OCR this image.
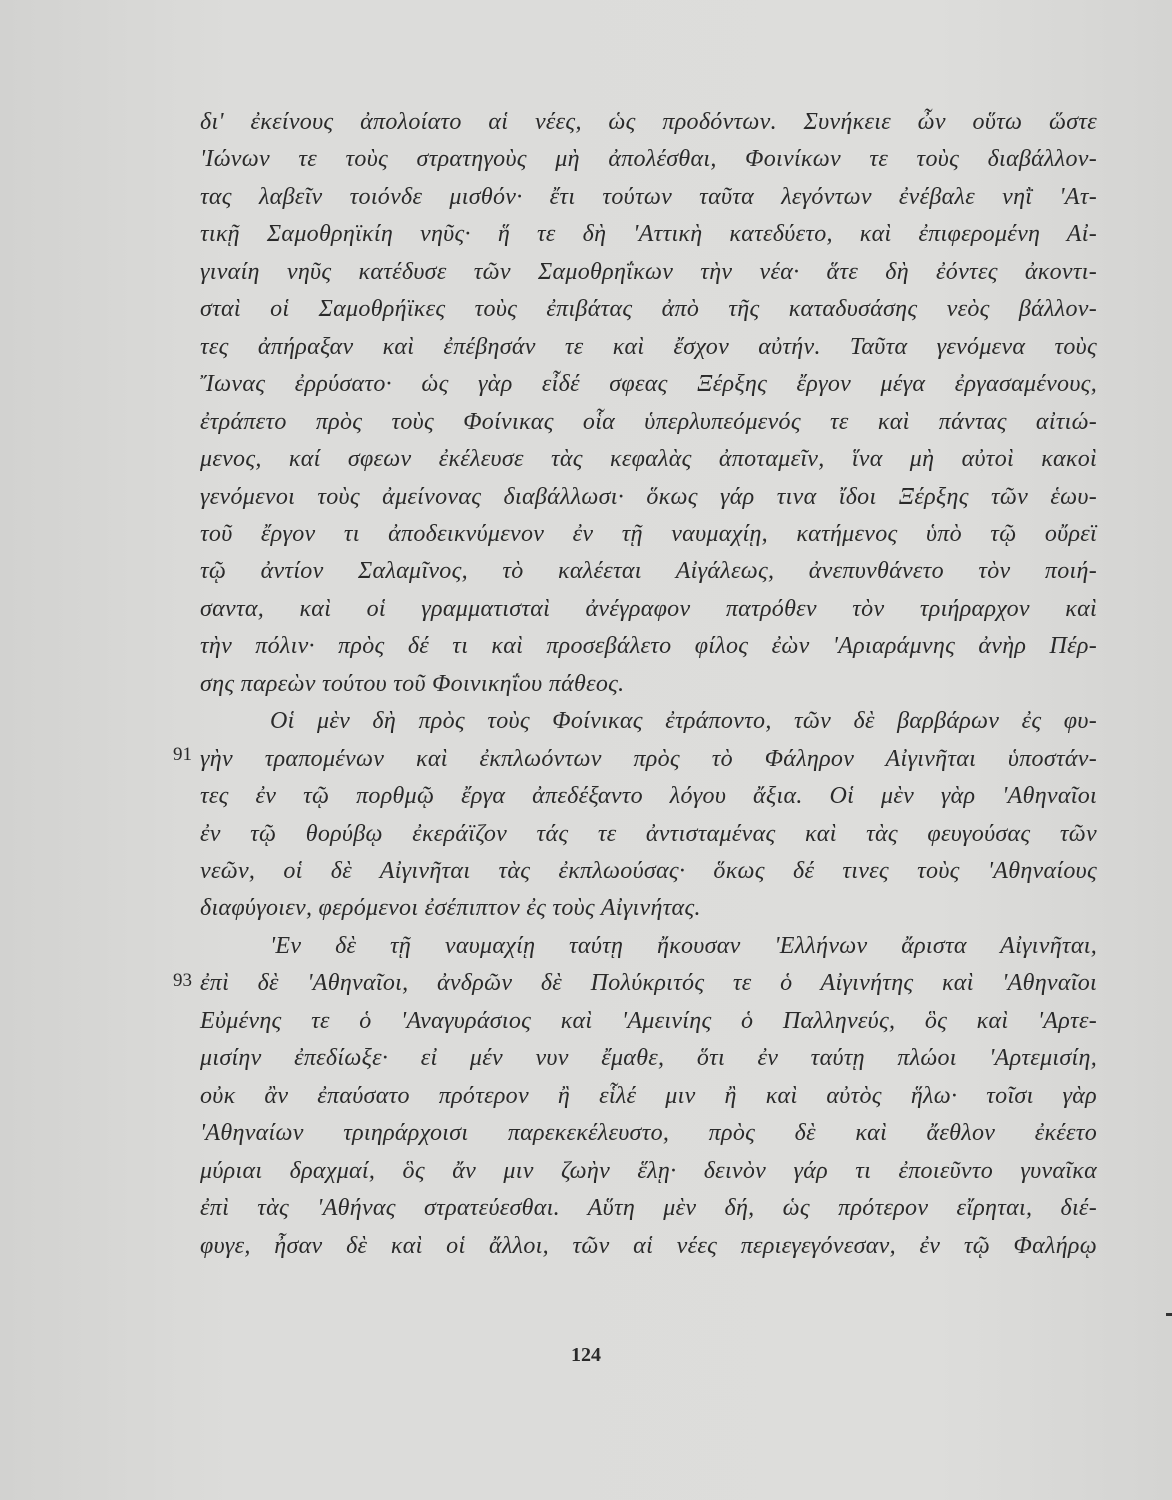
δι' ἐκείνους ἀπολοίατο αἱ νέες, ὡς προδόντων. Συνήκειε ὦν οὕτω ὥστε
'Ιώνων τε τοὺς στρατηγοὺς μὴ ἀπολέσθαι, Φοινίκων τε τοὺς διαβάλλον-
τας λαβεῖν τοιόνδε μισθόν· ἔτι τούτων ταῦτα λεγόντων ἐνέβαλε νηῒ 'Ατ-
τικῇ Σαμοθρηϊκίη νηῦς· ἥ τε δὴ 'Αττικὴ κατεδύετο, καὶ ἐπιφερομένη Αἰ-
γιναίη νηῦς κατέδυσε τῶν Σαμοθρηΐκων τὴν νέα· ἅτε δὴ ἐόντες ἀκοντι-
σταὶ οἱ Σαμοθρήϊκες τοὺς ἐπιβάτας ἀπὸ τῆς καταδυσάσης νεὸς βάλλον-
τες ἀπήραξαν καὶ ἐπέβησάν τε καὶ ἔσχον αὐτήν. Ταῦτα γενόμενα τοὺς
Ἴωνας ἐρρύσατο· ὡς γὰρ εἶδέ σφεας Ξέρξης ἔργον μέγα ἐργασαμένους,
ἐτράπετο πρὸς τοὺς Φοίνικας οἷα ὑπερλυπεόμενός τε καὶ πάντας αἰτιώ-
μενος, καί σφεων ἐκέλευσε τὰς κεφαλὰς ἀποταμεῖν, ἵνα μὴ αὐτοὶ κακοὶ
γενόμενοι τοὺς ἀμείνονας διαβάλλωσι· ὅκως γάρ τινα ἴδοι Ξέρξης τῶν ἑωυ-
τοῦ ἔργον τι ἀποδεικνύμενον ἐν τῇ ναυμαχίῃ, κατήμενος ὑπὸ τῷ οὔρεϊ
τῷ ἀντίον Σαλαμῖνος, τὸ καλέεται Αἰγάλεως, ἀνεπυνθάνετο τὸν ποιή-
σαντα, καὶ οἱ γραμματισταὶ ἀνέγραφον πατρόθεν τὸν τριήραρχον καὶ
τὴν πόλιν· πρὸς δέ τι καὶ προσεβάλετο φίλος ἐὼν 'Αριαράμνης ἀνὴρ Πέρ-
σης παρεὼν τούτου τοῦ Φοινικηΐου πάθεος.
Οἱ μὲν δὴ πρὸς τοὺς Φοίνικας ἐτράποντο, τῶν δὲ βαρβάρων ἐς φυ-
γὴν τραπομένων καὶ ἐκπλωόντων πρὸς τὸ Φάληρον Αἰγινῆται ὑποστάν-
τες ἐν τῷ πορθμῷ ἔργα ἀπεδέξαντο λόγου ἄξια. Οἱ μὲν γὰρ 'Αθηναῖοι
ἐν τῷ θορύβῳ ἐκεράϊζον τάς τε ἀντισταμένας καὶ τὰς φευγούσας τῶν
νεῶν, οἱ δὲ Αἰγινῆται τὰς ἐκπλωούσας· ὅκως δέ τινες τοὺς 'Αθηναίους
διαφύγοιεν, φερόμενοι ἐσέπιπτον ἐς τοὺς Αἰγινήτας.
'Εν δὲ τῇ ναυμαχίῃ ταύτῃ ἤκουσαν 'Ελλήνων ἄριστα Αἰγινῆται,
ἐπὶ δὲ 'Αθηναῖοι, ἀνδρῶν δὲ Πολύκριτός τε ὁ Αἰγινήτης καὶ 'Αθηναῖοι
Εὐμένης τε ὁ 'Αναγυράσιος καὶ 'Αμεινίης ὁ Παλληνεύς, ὃς καὶ 'Αρτε-
μισίην ἐπεδίωξε· εἰ μέν νυν ἔμαθε, ὅτι ἐν ταύτῃ πλώοι 'Αρτεμισίη,
οὐκ ἂν ἐπαύσατο πρότερον ἢ εἷλέ μιν ἢ καὶ αὐτὸς ἥλω· τοῖσι γὰρ
'Αθηναίων τριηράρχοισι παρεκεκέλευστο, πρὸς δὲ καὶ ἄεθλον ἐκέετο
μύριαι δραχμαί, ὃς ἄν μιν ζωὴν ἕλῃ· δεινὸν γάρ τι ἐποιεῦντο γυναῖκα
ἐπὶ τὰς 'Αθήνας στρατεύεσθαι. Αὕτη μὲν δή, ὡς πρότερον εἴρηται, διέ-
φυγε, ἦσαν δὲ καὶ οἱ ἄλλοι, τῶν αἱ νέες περιεγεγόνεσαν, ἐν τῷ Φαλήρῳ
91
93
124
